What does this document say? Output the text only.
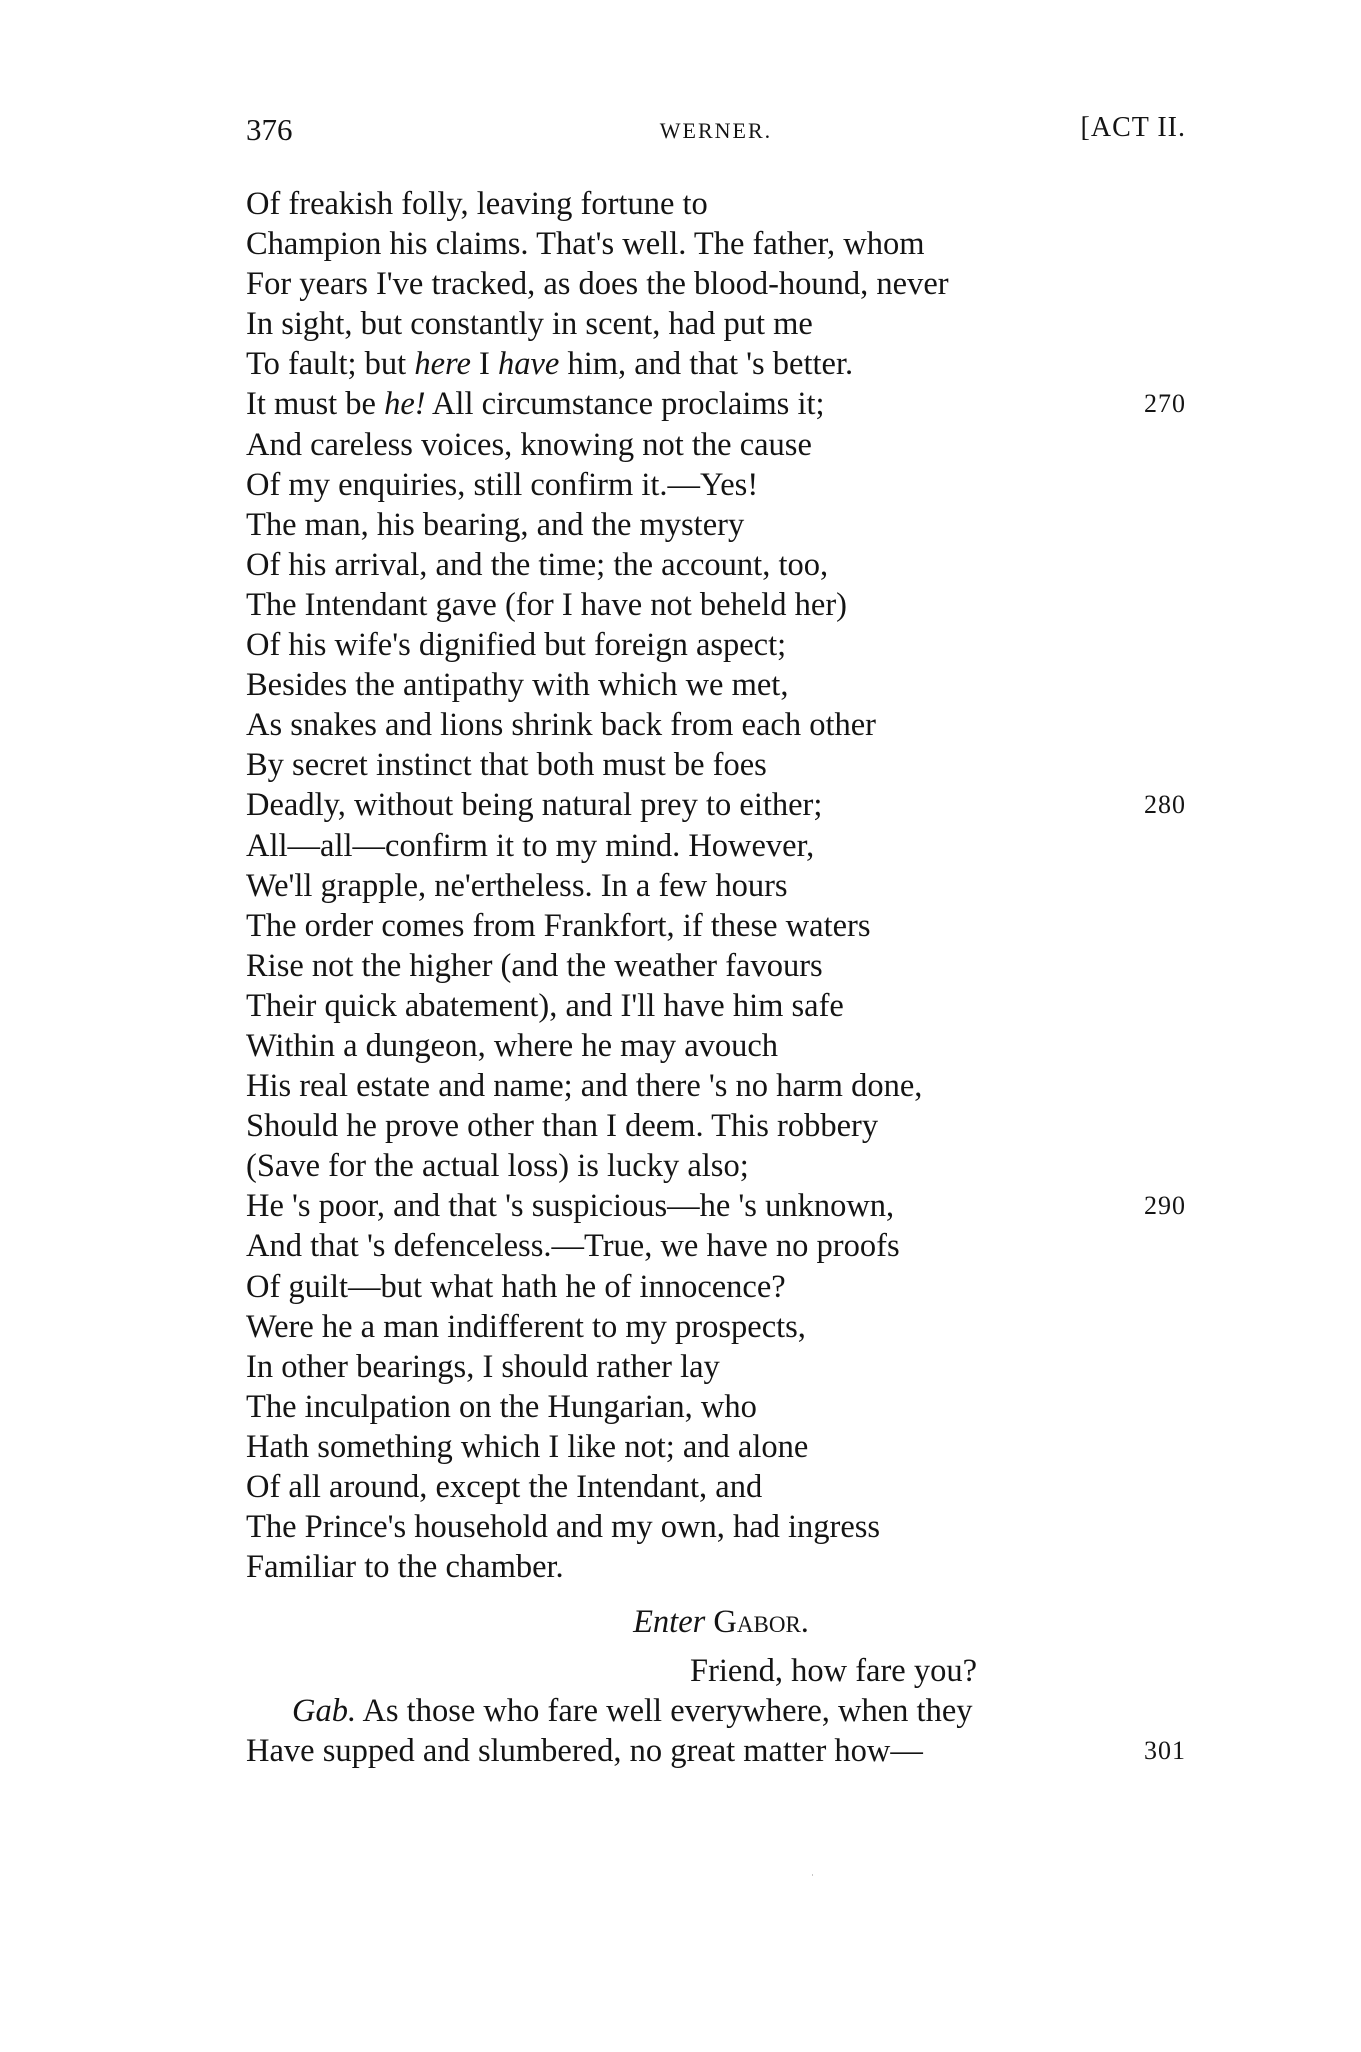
376	WERNER.	[ACT II.
Of freakish folly, leaving fortune to
Champion his claims. That's well. The father, whom
For years I've tracked, as does the blood-hound, never
In sight, but constantly in scent, had put me
To fault; but here I have him, and that 's better.
It must be he! All circumstance proclaims it;	270
And careless voices, knowing not the cause
Of my enquiries, still confirm it.—Yes!
The man, his bearing, and the mystery
Of his arrival, and the time; the account, too,
The Intendant gave (for I have not beheld her)
Of his wife's dignified but foreign aspect;
Besides the antipathy with which we met,
As snakes and lions shrink back from each other
By secret instinct that both must be foes
Deadly, without being natural prey to either;	280
All—all—confirm it to my mind. However,
We'll grapple, ne'ertheless. In a few hours
The order comes from Frankfort, if these waters
Rise not the higher (and the weather favours
Their quick abatement), and I'll have him safe
Within a dungeon, where he may avouch
His real estate and name; and there 's no harm done,
Should he prove other than I deem. This robbery
(Save for the actual loss) is lucky also;
He 's poor, and that 's suspicious—he 's unknown,	290
And that 's defenceless.—True, we have no proofs
Of guilt—but what hath he of innocence?
Were he a man indifferent to my prospects,
In other bearings, I should rather lay
The inculpation on the Hungarian, who
Hath something which I like not; and alone
Of all around, except the Intendant, and
The Prince's household and my own, had ingress
Familiar to the chamber.
Enter Gabor.
Friend, how fare you?
Gab. As those who fare well everywhere, when they
Have supped and slumbered, no great matter how—	301
